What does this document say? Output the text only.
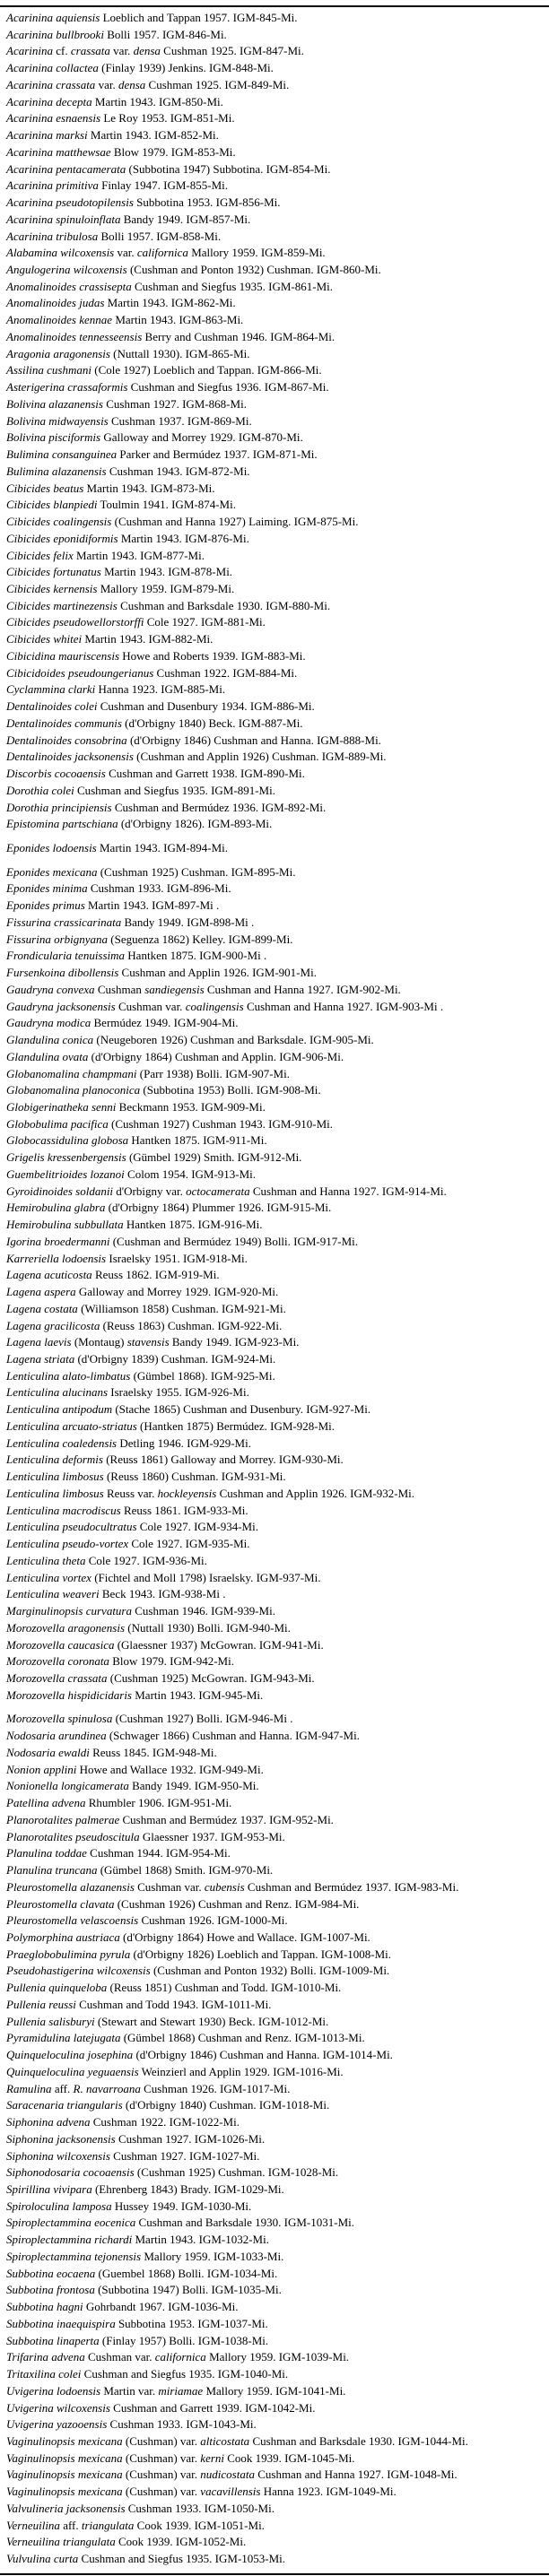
Acarinina aquiensis Loeblich and Tappan 1957. IGM-845-Mi.
Acarinina bullbrooki Bolli 1957. IGM-846-Mi.
Acarinina cf. crassata var. densa Cushman 1925. IGM-847-Mi.
Acarinina collactea (Finlay 1939) Jenkins. IGM-848-Mi.
Acarinina crassata var. densa Cushman 1925. IGM-849-Mi.
Acarinina decepta Martin 1943. IGM-850-Mi.
Acarinina esnaensis Le Roy 1953. IGM-851-Mi.
Acarinina marksi Martin 1943. IGM-852-Mi.
Acarinina matthewsae Blow 1979. IGM-853-Mi.
Acarinina pentacamerata (Subbotina 1947) Subbotina. IGM-854-Mi.
Acarinina primitiva Finlay 1947. IGM-855-Mi.
Acarinina pseudotopilensis Subbotina 1953. IGM-856-Mi.
Acarinina spinuloinflata Bandy 1949. IGM-857-Mi.
Acarinina tribulosa Bolli 1957. IGM-858-Mi.
Alabamina wilcoxensis var. californica Mallory 1959. IGM-859-Mi.
Angulogerina wilcoxensis (Cushman and Ponton 1932) Cushman. IGM-860-Mi.
Anomalinoides crassisepta Cushman and Siegfus 1935. IGM-861-Mi.
Anomalinoides judas Martin 1943. IGM-862-Mi.
Anomalinoides kennae Martin 1943. IGM-863-Mi.
Anomalinoides tennesseensis Berry and Cushman 1946. IGM-864-Mi.
Aragonia aragonensis (Nuttall 1930). IGM-865-Mi.
Assilina cushmani (Cole 1927) Loeblich and Tappan. IGM-866-Mi.
Asterigerina crassaformis Cushman and Siegfus 1936. IGM-867-Mi.
Bolivina alazanensis Cushman 1927. IGM-868-Mi.
Bolivina midwayensis Cushman 1937. IGM-869-Mi.
Bolivina pisciformis Galloway and Morrey 1929. IGM-870-Mi.
Bulimina consanguinea Parker and Bermúdez 1937. IGM-871-Mi.
Bulimina alazanensis Cushman 1943. IGM-872-Mi.
Cibicides beatus Martin 1943. IGM-873-Mi.
Cibicides blanpiedi Toulmin 1941. IGM-874-Mi.
Cibicides coalingensis (Cushman and Hanna 1927) Laiming. IGM-875-Mi.
Cibicides eponidiformis Martin 1943. IGM-876-Mi.
Cibicides felix Martin 1943. IGM-877-Mi.
Cibicides fortunatus Martin 1943. IGM-878-Mi.
Cibicides kernensis Mallory 1959. IGM-879-Mi.
Cibicides martinezensis Cushman and Barksdale 1930. IGM-880-Mi.
Cibicides pseudowellorstorffi Cole 1927. IGM-881-Mi.
Cibicides whitei Martin 1943. IGM-882-Mi.
Cibicidina mauriscensis Howe and Roberts 1939. IGM-883-Mi.
Cibicidoides pseudoungerianus Cushman 1922. IGM-884-Mi.
Cyclammina clarki Hanna 1923. IGM-885-Mi.
Dentalinoides colei Cushman and Dusenbury 1934. IGM-886-Mi.
Dentalinoides communis (d'Orbigny 1840) Beck. IGM-887-Mi.
Dentalinoides consobrina (d'Orbigny 1846) Cushman and Hanna. IGM-888-Mi.
Dentalinoides jacksonensis (Cushman and Applin 1926) Cushman. IGM-889-Mi.
Discorbis cocoaensis Cushman and Garrett 1938. IGM-890-Mi.
Dorothia colei Cushman and Siegfus 1935. IGM-891-Mi.
Dorothia principiensis Cushman and Bermúdez 1936. IGM-892-Mi.
Epistomina partschiana (d'Orbigny 1826). IGM-893-Mi.
Eponides lodoensis Martin 1943. IGM-894-Mi.
Eponides mexicana (Cushman 1925) Cushman. IGM-895-Mi.
Eponides minima Cushman 1933. IGM-896-Mi.
Eponides primus Martin 1943. IGM-897-Mi .
Fissurina crassicarinata Bandy 1949. IGM-898-Mi .
Fissurina orbignyana (Seguenza 1862) Kelley. IGM-899-Mi.
Frondicularia tenuissima Hantken 1875. IGM-900-Mi .
Fursenkoina dibollensis Cushman and Applin 1926. IGM-901-Mi.
Gaudryna convexa Cushman sandiegensis Cushman and Hanna 1927. IGM-902-Mi.
Gaudryna jacksonensis Cushman var. coalingensis Cushman and Hanna 1927. IGM-903-Mi .
Gaudryna modica Bermúdez 1949. IGM-904-Mi.
Glandulina conica (Neugeboren 1926) Cushman and Barksdale. IGM-905-Mi.
Glandulina ovata (d'Orbigny 1864) Cushman and Applin. IGM-906-Mi.
Globanomalina champmani (Parr 1938) Bolli. IGM-907-Mi.
Globanomalina planoconica (Subbotina 1953) Bolli. IGM-908-Mi.
Globigerinatheka senni Beckmann 1953. IGM-909-Mi.
Globobulima pacifica (Cushman 1927) Cushman 1943. IGM-910-Mi.
Globocassidulina globosa Hantken 1875. IGM-911-Mi.
Grigelis kressenbergensis (Gümbel 1929) Smith. IGM-912-Mi.
Guembelitrioides lozanoi Colom 1954. IGM-913-Mi.
Gyroidinoides soldanii d'Orbigny var. octocamerata Cushman and Hanna 1927. IGM-914-Mi.
Hemirobulina glabra (d'Orbigny 1864) Plummer 1926. IGM-915-Mi.
Hemirobulina subbullata Hantken 1875. IGM-916-Mi.
Igorina broedermanni (Cushman and Bermúdez 1949) Bolli. IGM-917-Mi.
Karreriella lodoensis Israelsky 1951. IGM-918-Mi.
Lagena acuticosta Reuss 1862. IGM-919-Mi.
Lagena aspera Galloway and Morrey 1929. IGM-920-Mi.
Lagena costata (Williamson 1858) Cushman. IGM-921-Mi.
Lagena gracilicosta (Reuss 1863) Cushman. IGM-922-Mi.
Lagena laevis (Montaug) stavensis Bandy 1949. IGM-923-Mi.
Lagena striata (d'Orbigny 1839) Cushman. IGM-924-Mi.
Lenticulina alato-limbatus (Gümbel 1868). IGM-925-Mi.
Lenticulina alucinans Israelsky 1955. IGM-926-Mi.
Lenticulina antipodum (Stache 1865) Cushman and Dusenbury. IGM-927-Mi.
Lenticulina arcuato-striatus (Hantken 1875) Bermúdez. IGM-928-Mi.
Lenticulina coaledensis Detling 1946. IGM-929-Mi.
Lenticulina deformis (Reuss 1861) Galloway and Morrey. IGM-930-Mi.
Lenticulina limbosus (Reuss 1860) Cushman. IGM-931-Mi.
Lenticulina limbosus Reuss var. hockleyensis Cushman and Applin 1926. IGM-932-Mi.
Lenticulina macrodiscus Reuss 1861. IGM-933-Mi.
Lenticulina pseudocultratus Cole 1927. IGM-934-Mi.
Lenticulina pseudo-vortex Cole 1927. IGM-935-Mi.
Lenticulina theta Cole 1927. IGM-936-Mi.
Lenticulina vortex (Fichtel and Moll 1798) Israelsky. IGM-937-Mi.
Lenticulina weaveri Beck 1943. IGM-938-Mi .
Marginulinopsis curvatura Cushman 1946. IGM-939-Mi.
Morozovella aragonensis (Nuttall 1930) Bolli. IGM-940-Mi.
Morozovella caucasica (Glaessner 1937) McGowran. IGM-941-Mi.
Morozovella coronata Blow 1979. IGM-942-Mi.
Morozovella crassata (Cushman 1925) McGowran. IGM-943-Mi.
Morozovella hispidicidaris Martin 1943. IGM-945-Mi.
Morozovella spinulosa (Cushman 1927) Bolli. IGM-946-Mi .
Nodosaria arundinea (Schwager 1866) Cushman and Hanna. IGM-947-Mi.
Nodosaria ewaldi Reuss 1845. IGM-948-Mi.
Nonion applini Howe and Wallace 1932. IGM-949-Mi.
Nonionella longicamerata Bandy 1949. IGM-950-Mi.
Patellina advena Rhumbler 1906. IGM-951-Mi.
Planorotalites palmerae Cushman and Bermúdez 1937. IGM-952-Mi.
Planorotalites pseudoscitula Glaessner 1937. IGM-953-Mi.
Planulina toddae Cushman 1944. IGM-954-Mi.
Planulina truncana (Gümbel 1868) Smith. IGM-970-Mi.
Pleurostomella alazanensis Cushman var. cubensis Cushman and Bermúdez 1937. IGM-983-Mi.
Pleurostomella clavata (Cushman 1926) Cushman and Renz. IGM-984-Mi.
Pleurostomella velascoensis Cushman 1926. IGM-1000-Mi.
Polymorphina austriaca (d'Orbigny 1864) Howe and Wallace. IGM-1007-Mi.
Praeglobobulimina pyrula (d'Orbigny 1826) Loeblich and Tappan. IGM-1008-Mi.
Pseudohastigerina wilcoxensis (Cushman and Ponton 1932) Bolli. IGM-1009-Mi.
Pullenia quinqueloba (Reuss 1851) Cushman and Todd. IGM-1010-Mi.
Pullenia reussi Cushman and Todd 1943. IGM-1011-Mi.
Pullenia salisburyi (Stewart and Stewart 1930) Beck. IGM-1012-Mi.
Pyramidulina latejugata (Gümbel 1868) Cushman and Renz. IGM-1013-Mi.
Quinqueloculina josephina (d'Orbigny 1846) Cushman and Hanna. IGM-1014-Mi.
Quinqueloculina yeguaensis Weinzierl and Applin 1929. IGM-1016-Mi.
Ramulina aff. R. navarroana Cushman 1926. IGM-1017-Mi.
Saracenaria triangularis (d'Orbigny 1840) Cushman. IGM-1018-Mi.
Siphonina advena Cushman 1922. IGM-1022-Mi.
Siphonina jacksonensis Cushman 1927. IGM-1026-Mi.
Siphonina wilcoxensis Cushman 1927. IGM-1027-Mi.
Siphonodosaria cocoaensis (Cushman 1925) Cushman. IGM-1028-Mi.
Spirillina vivipara (Ehrenberg 1843) Brady. IGM-1029-Mi.
Spiroloculina lamposa Hussey 1949. IGM-1030-Mi.
Spiroplectammina eocenica Cushman and Barksdale 1930. IGM-1031-Mi.
Spiroplectammina richardi Martin 1943. IGM-1032-Mi.
Spiroplectammina tejonensis Mallory 1959. IGM-1033-Mi.
Subbotina eocaena (Guembel 1868) Bolli. IGM-1034-Mi.
Subbotina frontosa (Subbotina 1947) Bolli. IGM-1035-Mi.
Subbotina hagni Gohrbandt 1967. IGM-1036-Mi.
Subbotina inaequispira Subbotina 1953. IGM-1037-Mi.
Subbotina linaperta (Finlay 1957) Bolli. IGM-1038-Mi.
Trifarina advena Cushman var. californica Mallory 1959. IGM-1039-Mi.
Tritaxilina colei Cushman and Siegfus 1935. IGM-1040-Mi.
Uvigerina lodoensis Martin var. miriamae Mallory 1959. IGM-1041-Mi.
Uvigerina wilcoxensis Cushman and Garrett 1939. IGM-1042-Mi.
Uvigerina yazooensis Cushman 1933. IGM-1043-Mi.
Vaginulinopsis mexicana (Cushman) var. alticostata Cushman and Barksdale 1930. IGM-1044-Mi.
Vaginulinopsis mexicana (Cushman) var. kerni Cook 1939. IGM-1045-Mi.
Vaginulinopsis mexicana (Cushman) var. nudicostata Cushman and Hanna 1927. IGM-1048-Mi.
Vaginulinopsis mexicana (Cushman) var. vacavillensis Hanna 1923. IGM-1049-Mi.
Valvulineria jacksonensis Cushman 1933. IGM-1050-Mi.
Verneuilina aff. triangulata Cook 1939. IGM-1051-Mi.
Verneuilina triangulata Cook 1939. IGM-1052-Mi.
Vulvulina curta Cushman and Siegfus 1935. IGM-1053-Mi.
